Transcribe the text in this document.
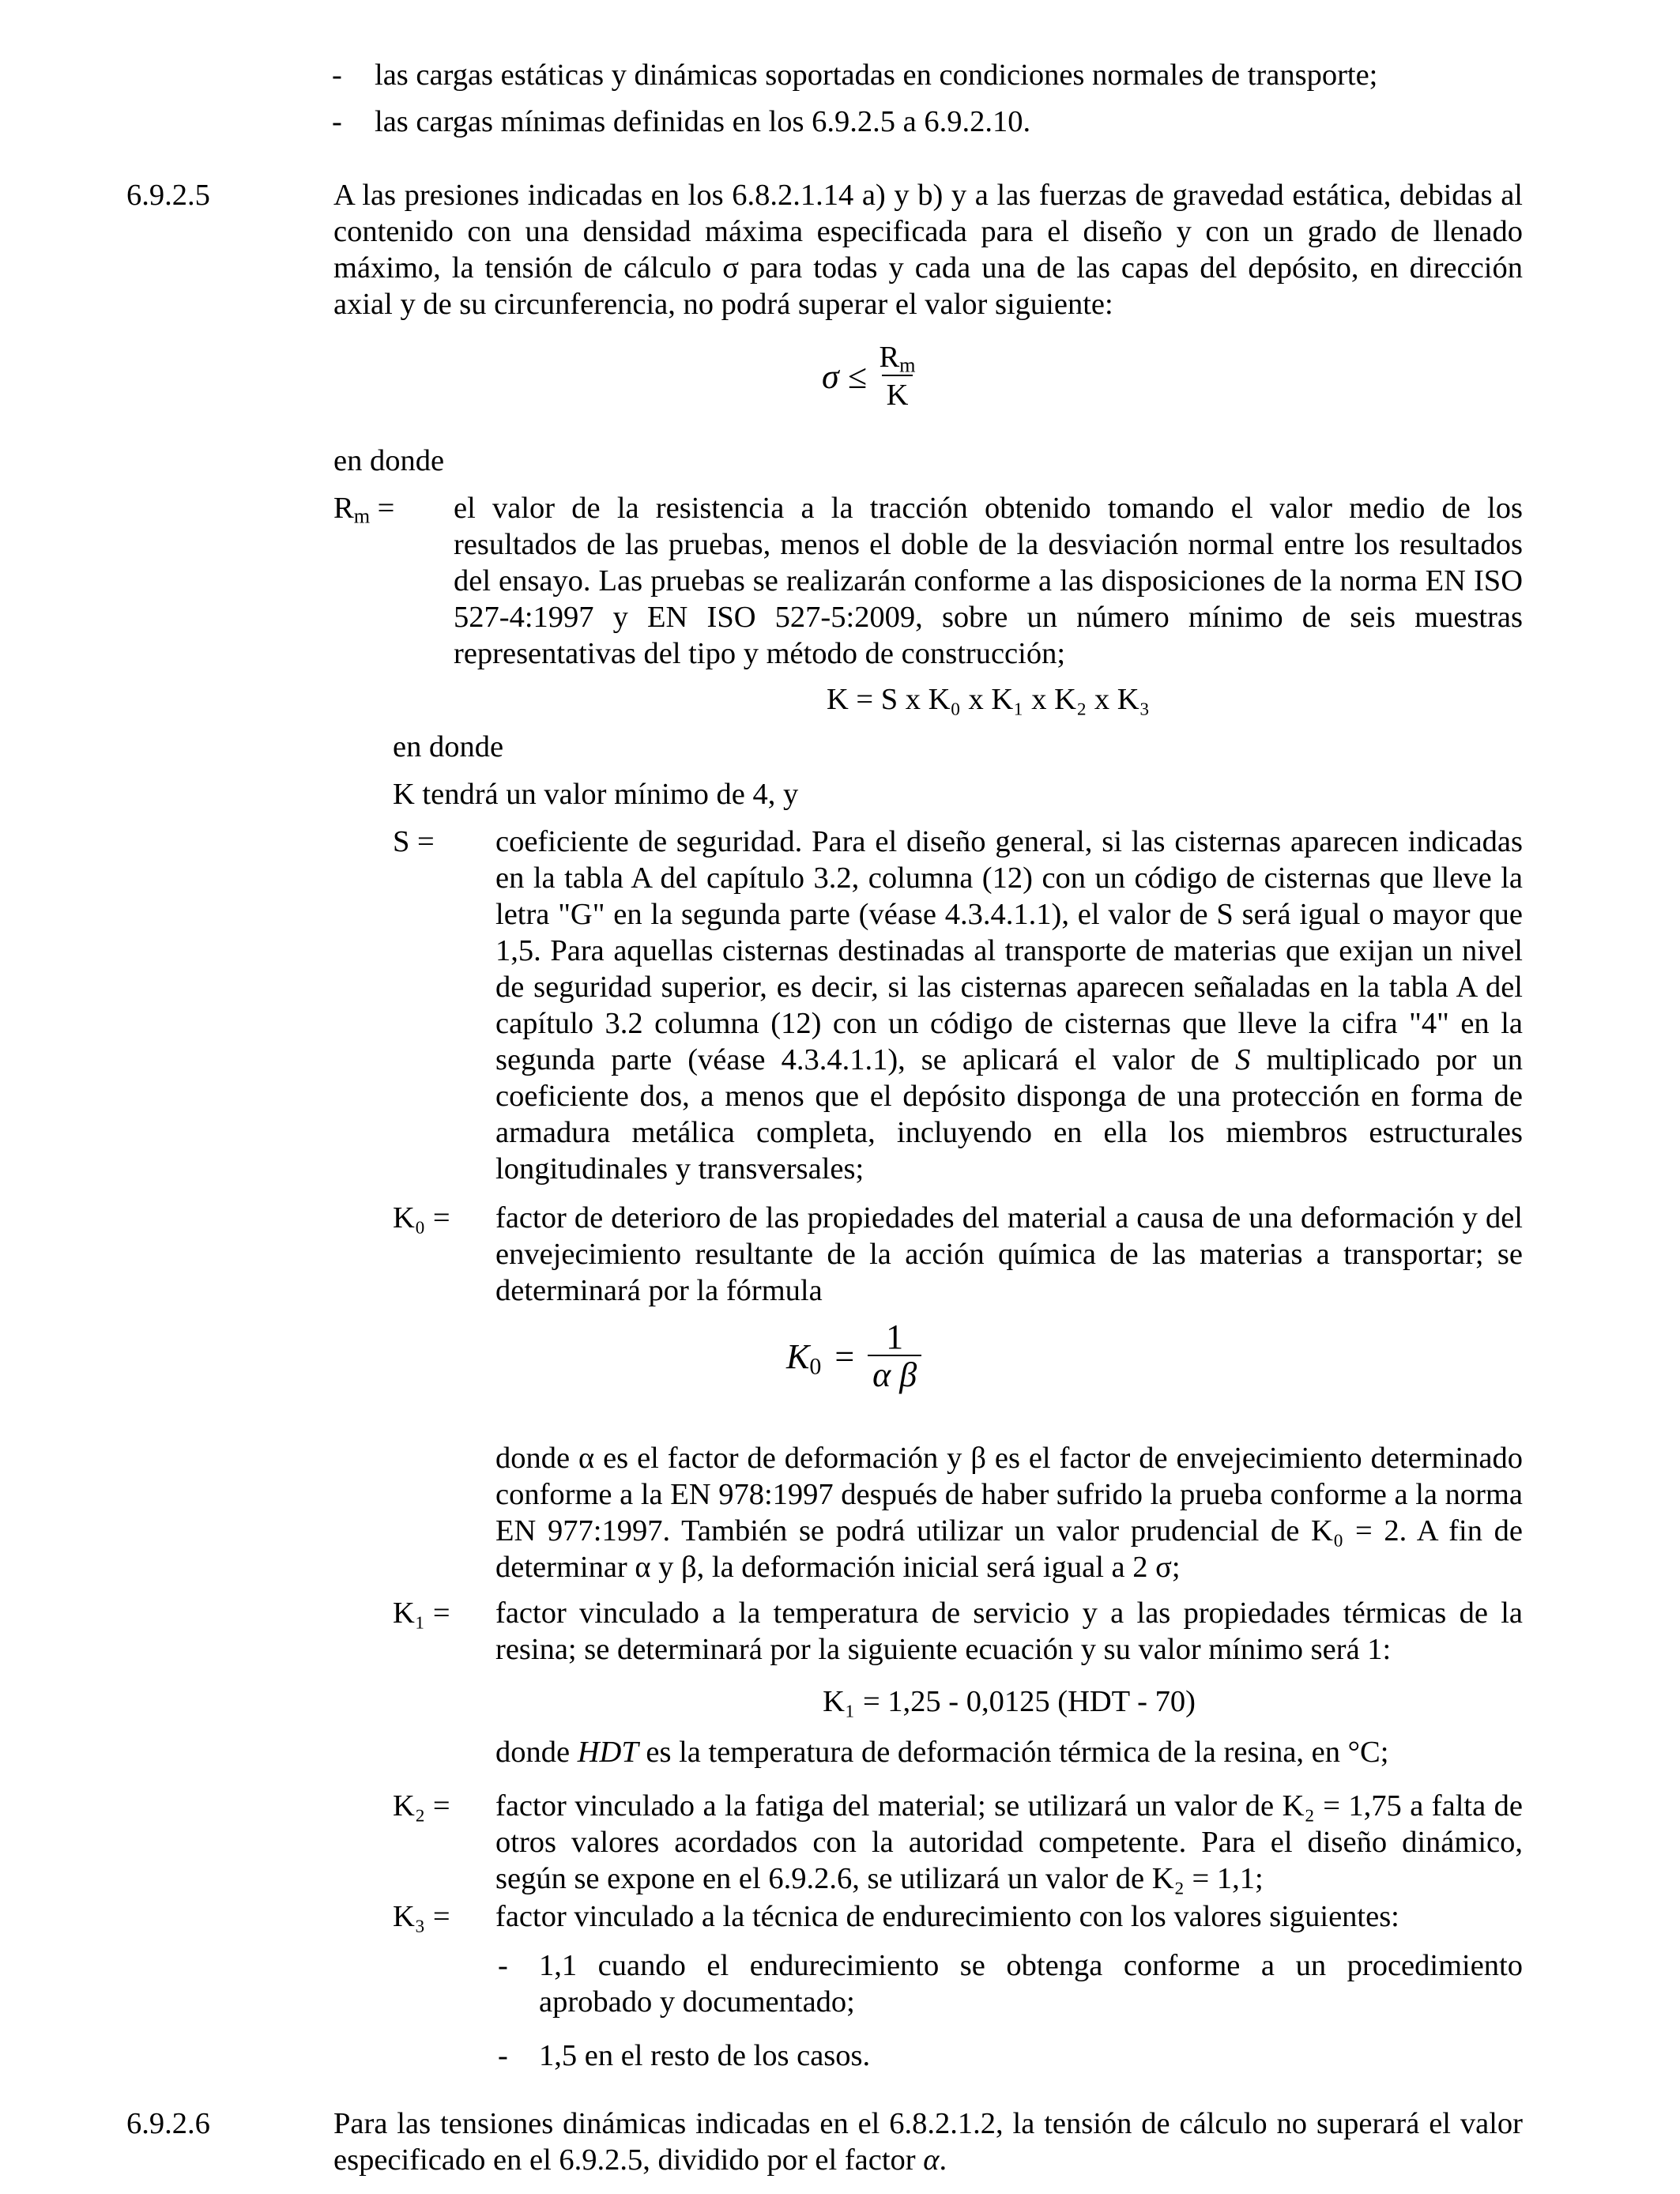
- las cargas estáticas y dinámicas soportadas en condiciones normales de transporte;
- las cargas mínimas definidas en los 6.9.2.5 a 6.9.2.10.
6.9.2.5	A las presiones indicadas en los 6.8.2.1.14 a) y b) y a las fuerzas de gravedad estática, debidas al contenido con una densidad máxima especificada para el diseño y con un grado de llenado máximo, la tensión de cálculo σ para todas y cada una de las capas del depósito, en dirección axial y de su circunferencia, no podrá superar el valor siguiente:
$\sigma \le \frac{R_m}{K}$
en donde
$R_m$ = el valor de la resistencia a la tracción obtenido tomando el valor medio de los resultados de las pruebas, menos el doble de la desviación normal entre los resultados del ensayo. Las pruebas se realizarán conforme a las disposiciones de la norma EN ISO 527-4:1997 y EN ISO 527-5:2009, sobre un número mínimo de seis muestras representativas del tipo y método de construcción;
K = S x K₀ x K₁ x K₂ x K₃
en donde
K tendrá un valor mínimo de 4, y
S = coeficiente de seguridad. Para el diseño general, si las cisternas aparecen indicadas en la tabla A del capítulo 3.2, columna (12) con un código de cisternas que lleve la letra "G" en la segunda parte (véase 4.3.4.1.1), el valor de S será igual o mayor que 1,5. Para aquellas cisternas destinadas al transporte de materias que exijan un nivel de seguridad superior, es decir, si las cisternas aparecen señaladas en la tabla A del capítulo 3.2 columna (12) con un código de cisternas que lleve la cifra "4" en la segunda parte (véase 4.3.4.1.1), se aplicará el valor de S multiplicado por un coeficiente dos, a menos que el depósito disponga de una protección en forma de armadura metálica completa, incluyendo en ella los miembros estructurales longitudinales y transversales;
K₀ = factor de deterioro de las propiedades del material a causa de una deformación y del envejecimiento resultante de la acción química de las materias a transportar; se determinará por la fórmula
$K_0 = \frac{1}{\text{α β}}$
donde α es el factor de deformación y β es el factor de envejecimiento determinado conforme a la EN 978:1997 después de haber sufrido la prueba conforme a la norma EN 977:1997. También se podrá utilizar un valor prudencial de K₀ = 2. A fin de determinar α y β, la deformación inicial será igual a 2 σ;
K₁ = factor vinculado a la temperatura de servicio y a las propiedades térmicas de la resina; se determinará por la siguiente ecuación y su valor mínimo será 1:
K₁ = 1,25 - 0,0125 (HDT - 70)
donde HDT es la temperatura de deformación térmica de la resina, en °C;
K₂ = factor vinculado a la fatiga del material; se utilizará un valor de K₂ = 1,75 a falta de otros valores acordados con la autoridad competente. Para el diseño dinámico, según se expone en el 6.9.2.6, se utilizará un valor de K₂ = 1,1;
K₃ = factor vinculado a la técnica de endurecimiento con los valores siguientes:
- 1,1 cuando el endurecimiento se obtenga conforme a un procedimiento aprobado y documentado;
- 1,5 en el resto de los casos.
6.9.2.6	Para las tensiones dinámicas indicadas en el 6.8.2.1.2, la tensión de cálculo no superará el valor especificado en el 6.9.2.5, dividido por el factor α.
